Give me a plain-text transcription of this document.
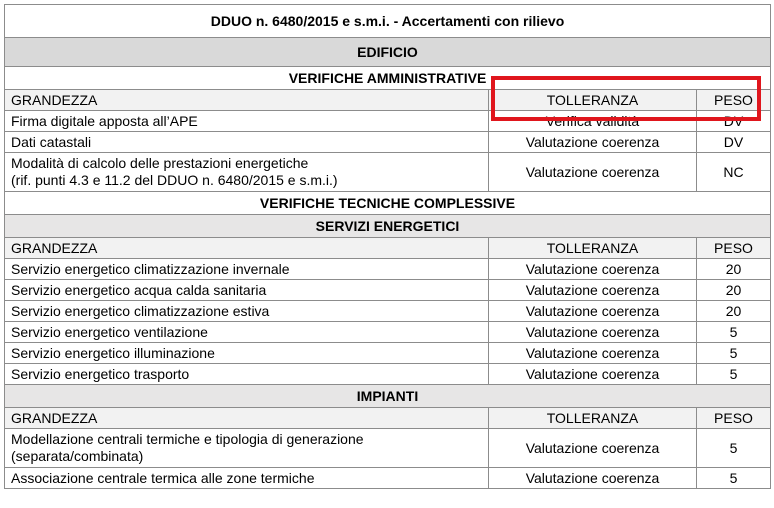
DDUO n. 6480/2015 e s.m.i. - Accertamenti con rilievo		
EDIFICIO		
VERIFICHE AMMINISTRATIVE		
GRANDEZZA	TOLLERANZA	PESO
Firma digitale apposta all’APE	Verifica validità	DV
Dati catastali	Valutazione coerenza	DV
Modalità di calcolo delle prestazioni energetiche
(rif. punti 4.3 e 11.2 del DDUO n. 6480/2015 e s.m.i.)	Valutazione coerenza	NC
VERIFICHE TECNICHE COMPLESSIVE		
SERVIZI ENERGETICI		
GRANDEZZA	TOLLERANZA	PESO
Servizio energetico climatizzazione invernale	Valutazione coerenza	20
Servizio energetico acqua calda sanitaria	Valutazione coerenza	20
Servizio energetico climatizzazione estiva	Valutazione coerenza	20
Servizio energetico ventilazione	Valutazione coerenza	5
Servizio energetico illuminazione	Valutazione coerenza	5
Servizio energetico trasporto	Valutazione coerenza	5
IMPIANTI		
GRANDEZZA	TOLLERANZA	PESO
Modellazione centrali termiche e tipologia di generazione
(separata/combinata)	Valutazione coerenza	5
Associazione centrale termica alle zone termiche	Valutazione coerenza	5
